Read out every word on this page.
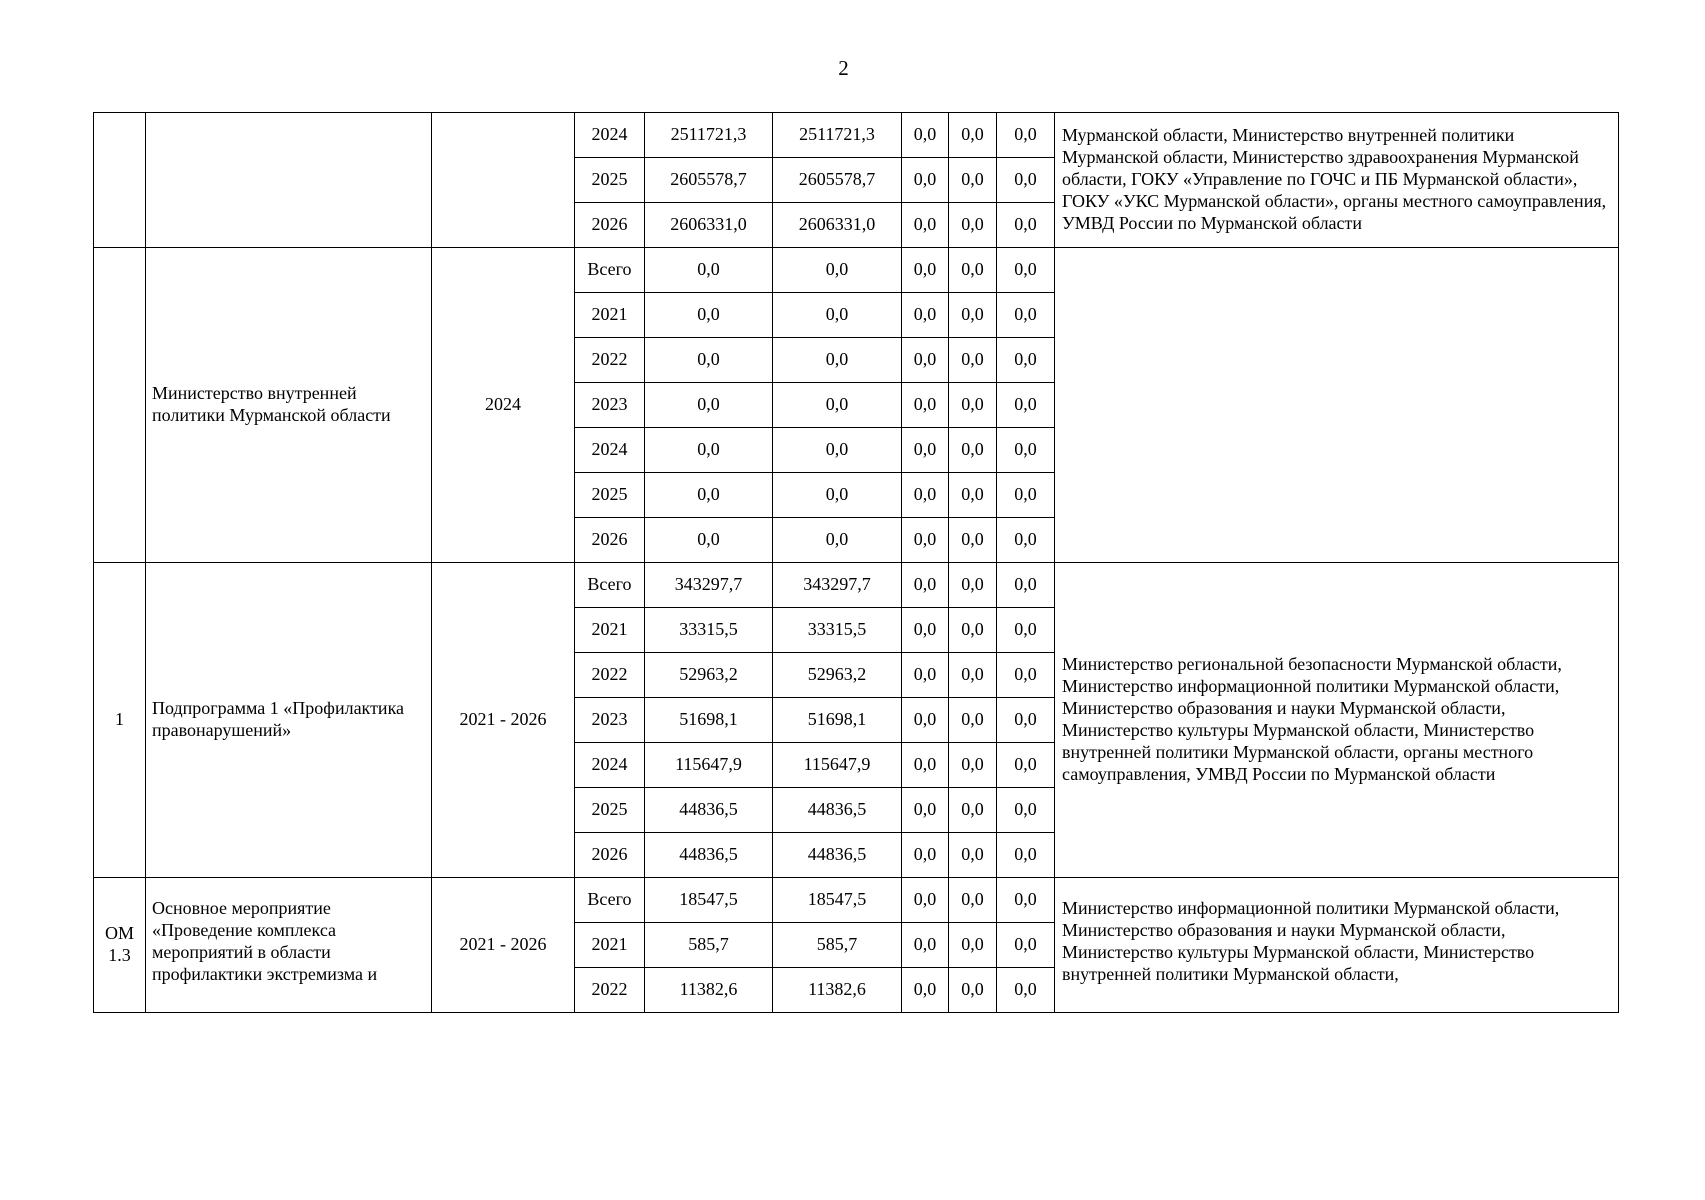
2
			2024	2511721,3	2511721,3	0,0	0,0	0,0	Мурманской области, Министерство внутренней политики Мурманской области, Министерство здравоохранения Мурманской области, ГОКУ «Управление по ГОЧС и ПБ Мурманской области», ГОКУ «УКС Мурманской области», органы местного самоуправления, УМВД России по Мурманской области
			2025	2605578,7	2605578,7	0,0	0,0	0,0	
			2026	2606331,0	2606331,0	0,0	0,0	0,0	
	Министерство внутренней политики Мурманской области	2024	Всего	0,0	0,0	0,0	0,0	0,0	
			2021	0,0	0,0	0,0	0,0	0,0	
			2022	0,0	0,0	0,0	0,0	0,0	
			2023	0,0	0,0	0,0	0,0	0,0	
			2024	0,0	0,0	0,0	0,0	0,0	
			2025	0,0	0,0	0,0	0,0	0,0	
			2026	0,0	0,0	0,0	0,0	0,0	
1	Подпрограмма 1 «Профилактика правонарушений»	2021 - 2026	Всего	343297,7	343297,7	0,0	0,0	0,0	Министерство региональной безопасности Мурманской области, Министерство информационной политики Мурманской области, Министерство образования и науки Мурманской области, Министерство культуры Мурманской области, Министерство внутренней политики Мурманской области, органы местного самоуправления, УМВД России по Мурманской области
			2021	33315,5	33315,5	0,0	0,0	0,0	
			2022	52963,2	52963,2	0,0	0,0	0,0	
			2023	51698,1	51698,1	0,0	0,0	0,0	
			2024	115647,9	115647,9	0,0	0,0	0,0	
			2025	44836,5	44836,5	0,0	0,0	0,0	
			2026	44836,5	44836,5	0,0	0,0	0,0	
ОМ 1.3	Основное мероприятие «Проведение комплекса мероприятий в области профилактики экстремизма и	2021 - 2026	Всего	18547,5	18547,5	0,0	0,0	0,0	Министерство информационной политики Мурманской области, Министерство образования и науки Мурманской области, Министерство культуры Мурманской области, Министерство внутренней политики Мурманской области,
			2021	585,7	585,7	0,0	0,0	0,0	
			2022	11382,6	11382,6	0,0	0,0	0,0	
